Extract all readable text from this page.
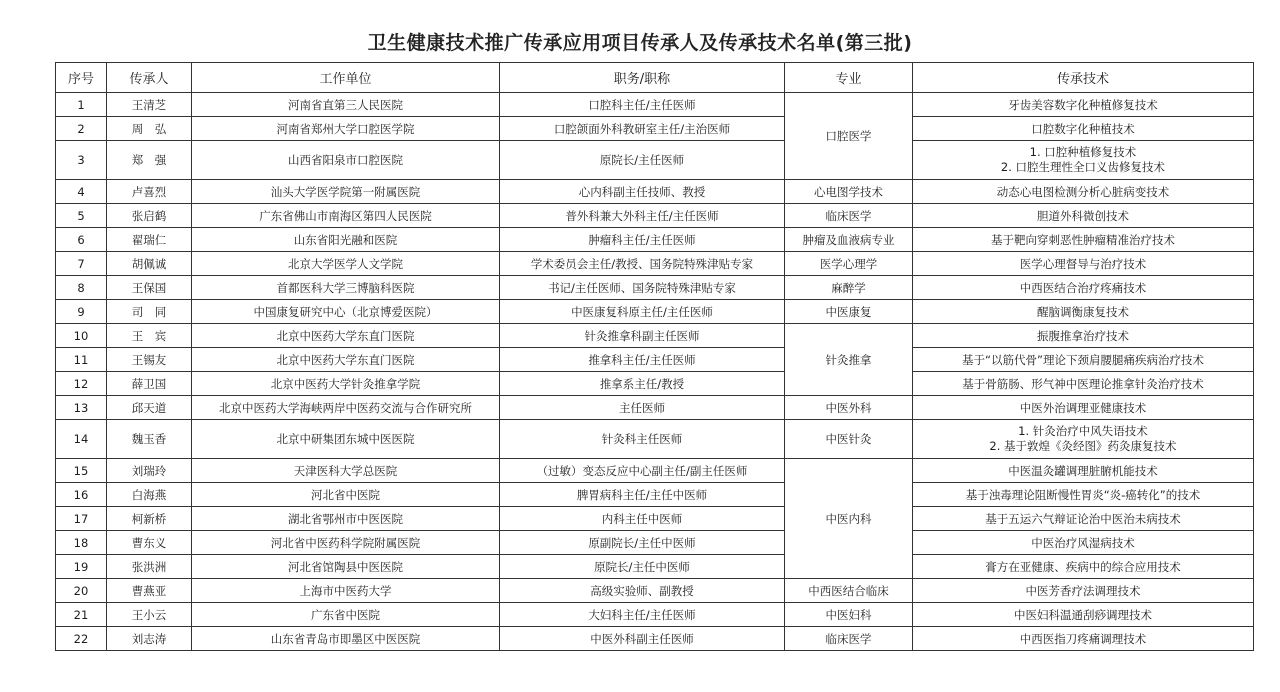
卫生健康技术推广传承应用项目传承人及传承技术名单(第三批)
序号	传承人	工作单位	职务/职称	专业	传承技术
1	王清芝	河南省直第三人民医院	口腔科主任/主任医师	口腔医学	牙齿美容数字化种植修复技术

2	周　弘	河南省郑州大学口腔医学院	口腔颌面外科教研室主任/主治医师		口腔数字化种植技术

3	郑　强	山西省阳泉市口腔医院	原院长/主任医师		1. 口腔种植修复技术
2. 口腔生理性全口义齿修复技术

4	卢喜烈	汕头大学医学院第一附属医院	心内科副主任技师、教授	心电图学技术	动态心电图检测分析心脏病变技术

5	张启鹤	广东省佛山市南海区第四人民医院	普外科兼大外科主任/主任医师	临床医学	胆道外科微创技术

6	翟瑞仁	山东省阳光融和医院	肿瘤科主任/主任医师	肿瘤及血液病专业	基于靶向穿刺恶性肿瘤精准治疗技术

7	胡佩诚	北京大学医学人文学院	学术委员会主任/教授、国务院特殊津贴专家	医学心理学	医学心理督导与治疗技术

8	王保国	首都医科大学三博脑科医院	书记/主任医师、国务院特殊津贴专家	麻醉学	中西医结合治疗疼痛技术

9	司　同	中国康复研究中心（北京博爱医院）	中医康复科原主任/主任医师	中医康复	醒脑调衡康复技术

10	王　宾	北京中医药大学东直门医院	针灸推拿科副主任医师	针灸推拿	振腹推拿治疗技术

11	王锡友	北京中医药大学东直门医院	推拿科主任/主任医师		基于“以筋代骨”理论下颈肩腰腿痛疾病治疗技术

12	薛卫国	北京中医药大学针灸推拿学院	推拿系主任/教授		基于骨筋肠、形气神中医理论推拿针灸治疗技术

13	邱天道	北京中医药大学海峡两岸中医药交流与合作研究所	主任医师	中医外科	中医外治调理亚健康技术

14	魏玉香	北京中研集团东城中医医院	针灸科主任医师	中医针灸	1. 针灸治疗中风失语技术
2. 基于敦煌《灸经图》药灸康复技术

15	刘瑞玲	天津医科大学总医院	（过敏）变态反应中心副主任/副主任医师	中医内科	中医温灸罐调理脏腑机能技术

16	白海燕	河北省中医院	脾胃病科主任/主任中医师		基于浊毒理论阻断慢性胃炎“炎-癌转化”的技术

17	柯新桥	湖北省鄂州市中医医院	内科主任中医师		基于五运六气辩证论治中医治未病技术

18	曹东义	河北省中医药科学院附属医院	原副院长/主任中医师		中医治疗风湿病技术

19	张洪洲	河北省馆陶县中医医院	原院长/主任中医师		膏方在亚健康、疾病中的综合应用技术

20	曹燕亚	上海市中医药大学	高级实验师、副教授	中西医结合临床	中医芳香疗法调理技术

21	王小云	广东省中医院	大妇科主任/主任医师	中医妇科	中医妇科温通刮痧调理技术

22	刘志涛	山东省青岛市即墨区中医医院	中医外科副主任医师	临床医学	中西医指刀疼痛调理技术
